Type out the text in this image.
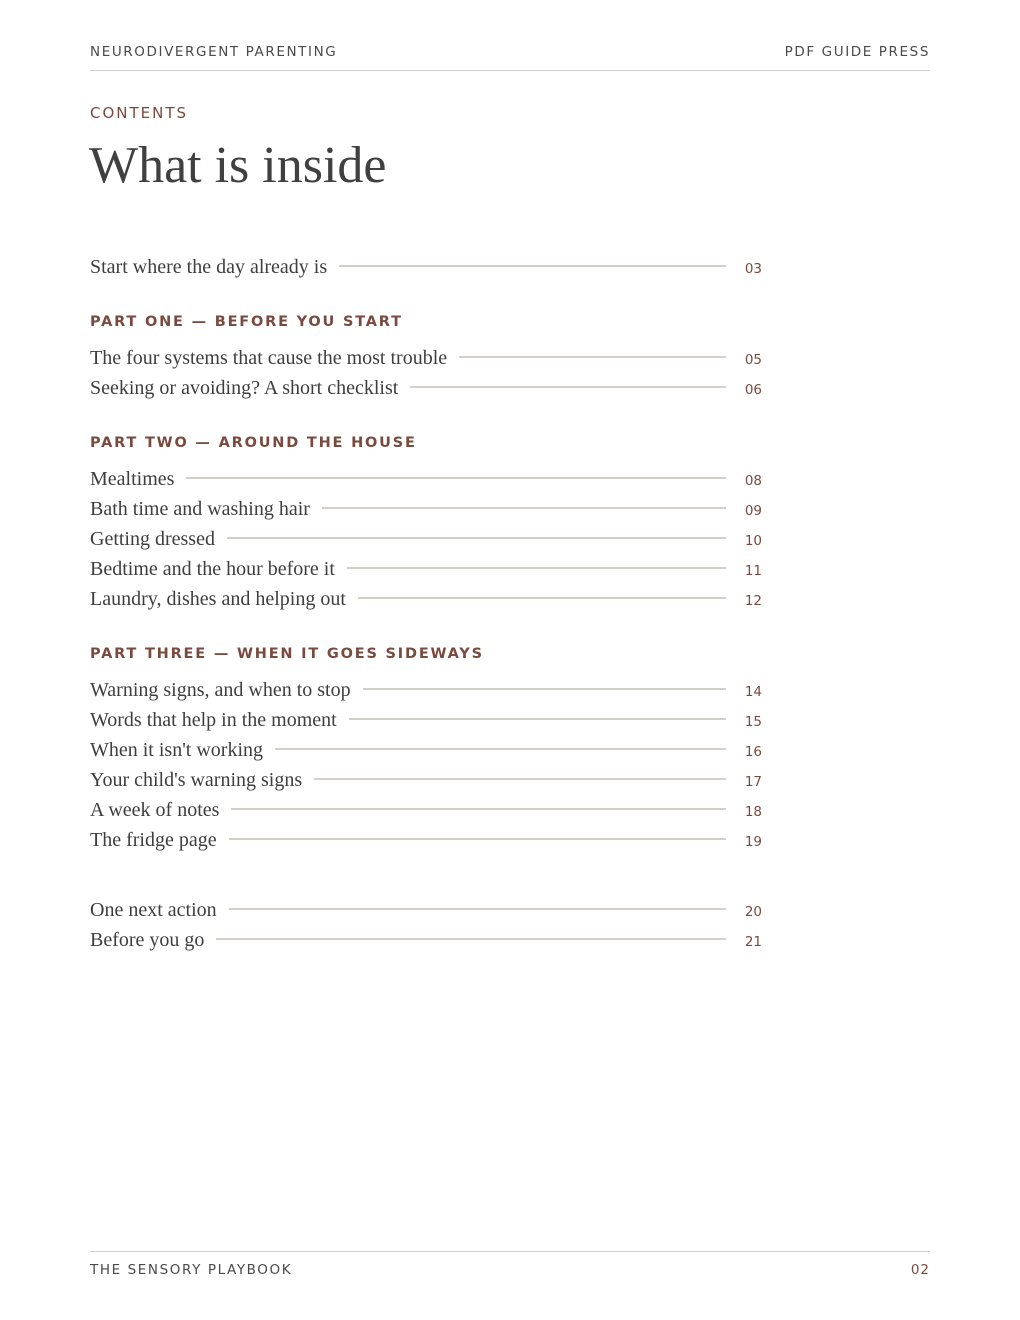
NEURODIVERGENT PARENTING	PDF GUIDE PRESS
CONTENTS
What is inside
Start where the day already is	03
PART ONE — BEFORE YOU START
The four systems that cause the most trouble	05
Seeking or avoiding? A short checklist	06
PART TWO — AROUND THE HOUSE
Mealtimes	08
Bath time and washing hair	09
Getting dressed	10
Bedtime and the hour before it	11
Laundry, dishes and helping out	12
PART THREE — WHEN IT GOES SIDEWAYS
Warning signs, and when to stop	14
Words that help in the moment	15
When it isn't working	16
Your child's warning signs	17
A week of notes	18
The fridge page	19
One next action	20
Before you go	21
THE SENSORY PLAYBOOK	02
